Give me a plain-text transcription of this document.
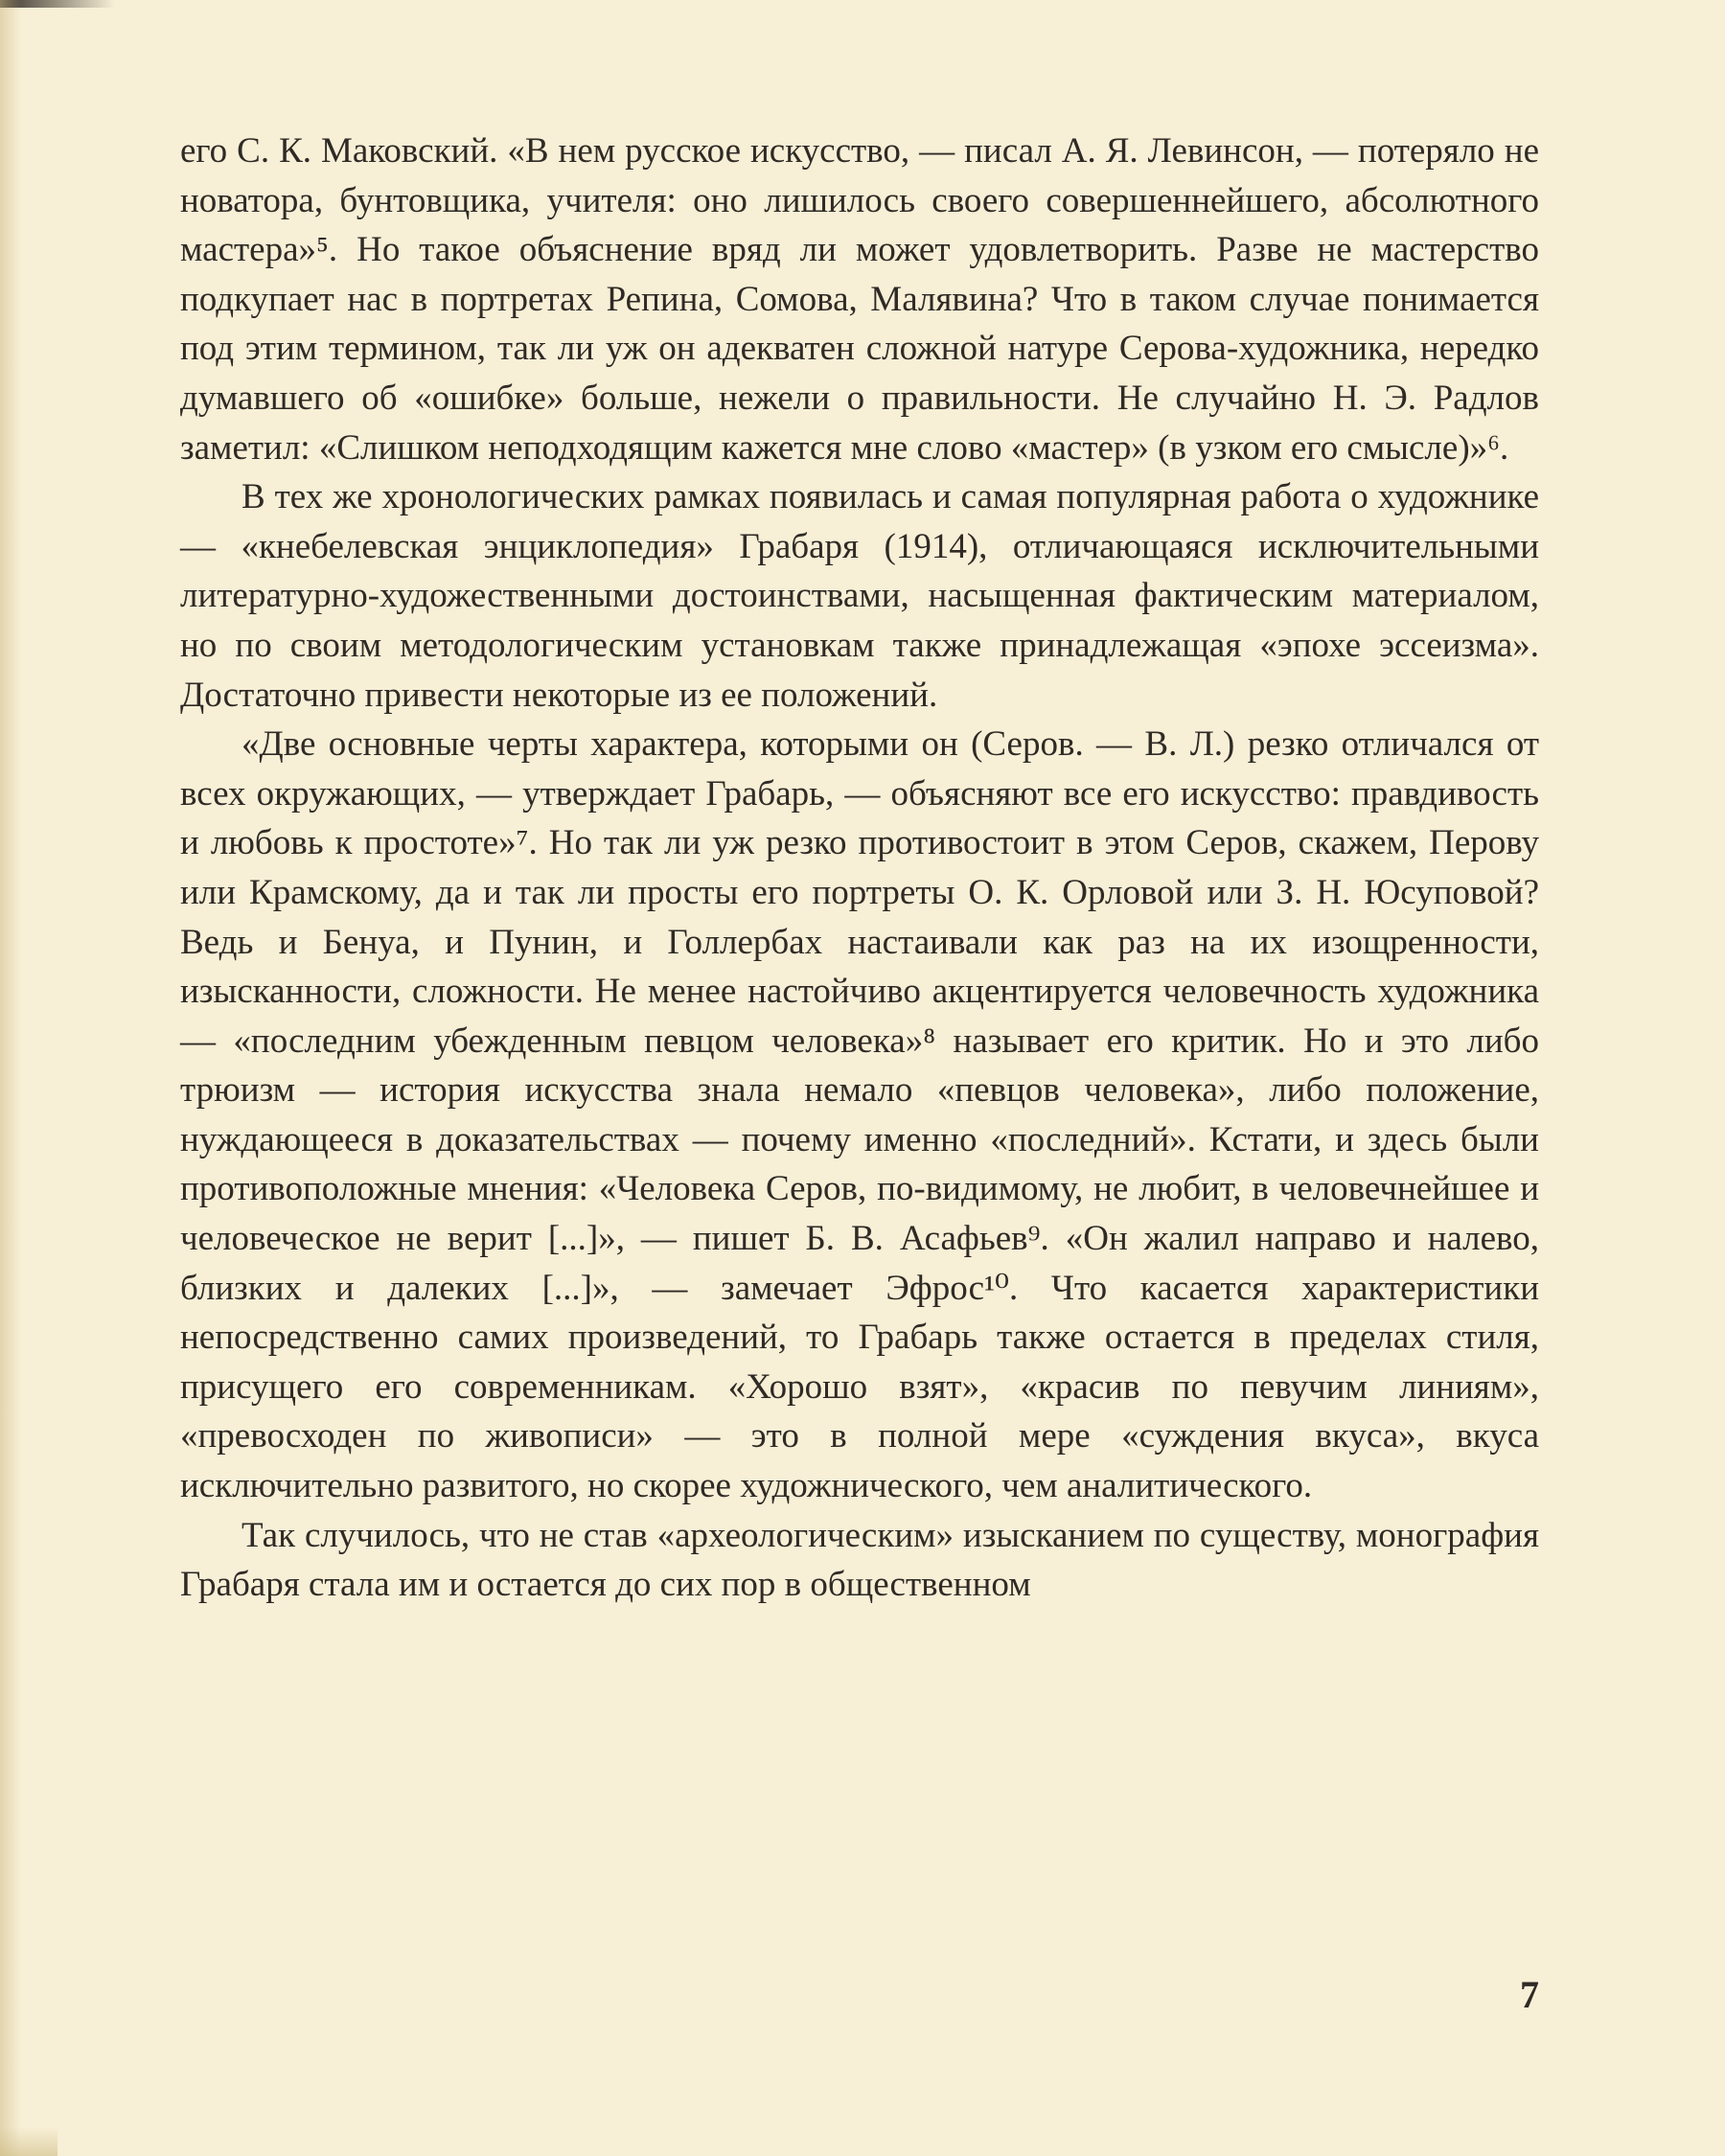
его С. К. Маковский. «В нем русское искусство, — писал А. Я. Левинсон, — потеряло не новатора, бунтовщика, учителя: оно лишилось своего совершеннейшего, абсолютного мастера»⁵. Но такое объяснение вряд ли может удовлетворить. Разве не мастерство подкупает нас в портретах Репина, Сомова, Малявина? Что в таком случае понимается под этим термином, так ли уж он адекватен сложной натуре Серова-художника, нередко думавшего об «ошибке» больше, нежели о правильности. Не случайно Н. Э. Радлов заметил: «Слишком неподходящим кажется мне слово «мастер» (в узком его смысле)»⁶.

В тех же хронологических рамках появилась и самая популярная работа о художнике — «кнебелевская энциклопедия» Грабаря (1914), отличающаяся исключительными литературно-художественными достоинствами, насыщенная фактическим материалом, но по своим методологическим установкам также принадлежащая «эпохе эссеизма». Достаточно привести некоторые из ее положений.

«Две основные черты характера, которыми он (Серов. — В. Л.) резко отличался от всех окружающих, — утверждает Грабарь, — объясняют все его искусство: правдивость и любовь к простоте»⁷. Но так ли уж резко противостоит в этом Серов, скажем, Перову или Крамскому, да и так ли просты его портреты О. К. Орловой или З. Н. Юсуповой? Ведь и Бенуа, и Пунин, и Голлербах настаивали как раз на их изощренности, изысканности, сложности. Не менее настойчиво акцентируется человечность художника — «последним убежденным певцом человека»⁸ называет его критик. Но и это либо трюизм — история искусства знала немало «певцов человека», либо положение, нуждающееся в доказательствах — почему именно «последний». Кстати, и здесь были противоположные мнения: «Человека Серов, по-видимому, не любит, в человечнейшее и человеческое не верит [...]», — пишет Б. В. Асафьев⁹. «Он жалил направо и налево, близких и далеких [...]», — замечает Эфрос¹⁰. Что касается характеристики непосредственно самих произведений, то Грабарь также остается в пределах стиля, присущего его современникам. «Хорошо взят», «красив по певучим линиям», «превосходен по живописи» — это в полной мере «суждения вкуса», вкуса исключительно развитого, но скорее художнического, чем аналитического.

Так случилось, что не став «археологическим» изысканием по существу, монография Грабаря стала им и остается до сих пор в общественном

7
